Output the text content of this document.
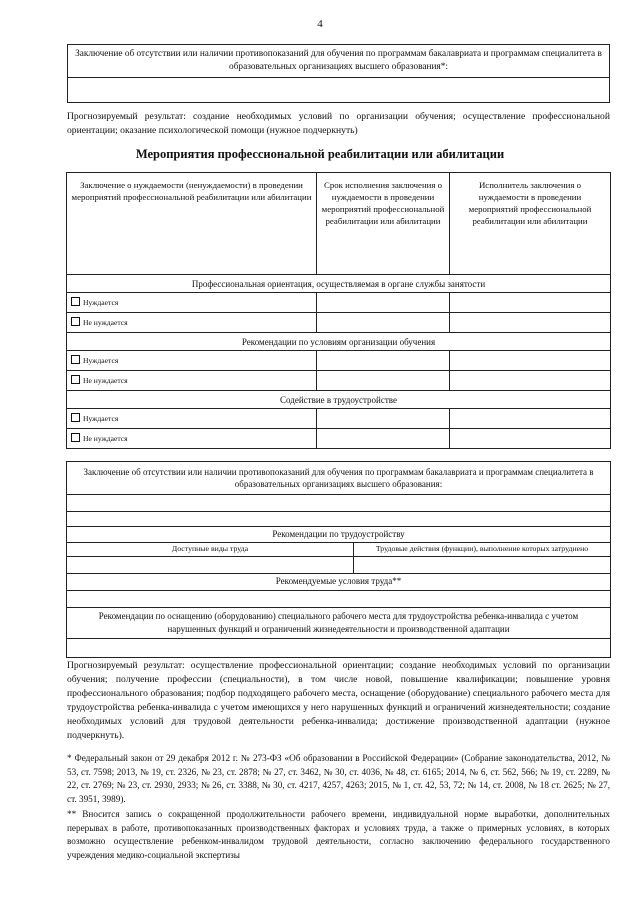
4
Заключение об отсутствии или наличии противопоказаний для обучения по программам бакалавриата и программам специалитета в образовательных организациях высшего образования*:

Прогнозируемый результат: создание необходимых условий по организации обучения; осуществление профессиональной ориентации; оказание психологической помощи (нужное подчеркнуть)
Мероприятия профессиональной реабилитации или абилитации
Заключение о нуждаемости (ненуждаемости) в проведении мероприятий профессиональной реабилитации или абилитации	Срок исполнения заключения о нуждаемости в проведении мероприятий профессиональной реабилитации или абилитации	Исполнитель заключения о нуждаемости в проведении мероприятий профессиональной реабилитации или абилитации
Профессиональная ориентация, осуществляемая в органе службы занятости		
Нуждается		
Не нуждается		
Рекомендации по условиям организации обучения		
Нуждается		
Не нуждается		
Содействие в трудоустройстве		
Нуждается		
Не нуждается		
Заключение об отсутствии или наличии противопоказаний для обучения по программам бакалавриата и программам специалитета в образовательных организациях высшего образования:	

Рекомендации по трудоустройству	
Доступные виды труда	Трудовые действия (функции), выполнение которых затруднено

Рекомендуемые условия труда**	

Рекомендации по оснащению (оборудованию) специального рабочего места для трудоустройства ребенка-инвалида с учетом нарушенных функций и ограничений жизнедеятельности и производственной адаптации	

Прогнозируемый результат: осуществление профессиональной ориентации; создание необходимых условий по организации обучения; получение профессии (специальности), в том числе новой, повышение квалификации; повышение уровня профессионального образования; подбор подходящего рабочего места, оснащение (оборудование) специального рабочего места для трудоустройства ребенка-инвалида с учетом имеющихся у него нарушенных функций и ограничений жизнедеятельности; создание необходимых условий для трудовой деятельности ребенка-инвалида; достижение производственной адаптации (нужное подчеркнуть).
* Федеральный закон от 29 декабря 2012 г. № 273-ФЗ «Об образовании в Российской Федерации» (Собрание законодательства, 2012, № 53, ст. 7598; 2013, № 19, ст. 2326, № 23, ст. 2878; № 27, ст. 3462, № 30, ст. 4036, № 48, ст. 6165; 2014, № 6, ст. 562, 566; № 19, ст. 2289, № 22, ст. 2769; № 23, ст. 2930, 2933; № 26, ст. 3388, № 30, ст. 4217, 4257, 4263; 2015, № 1, ст. 42, 53, 72; № 14, ст. 2008, № 18 ст. 2625; № 27, ст. 3951, 3989).
** Вносится запись о сокращенной продолжительности рабочего времени, индивидуальной норме выработки, дополнительных перерывах в работе, противопоказанных производственных факторах и условиях труда, а также о примерных условиях, в которых возможно осуществление ребенком-инвалидом трудовой деятельности, согласно заключению федерального государственного учреждения медико-социальной экспертизы
